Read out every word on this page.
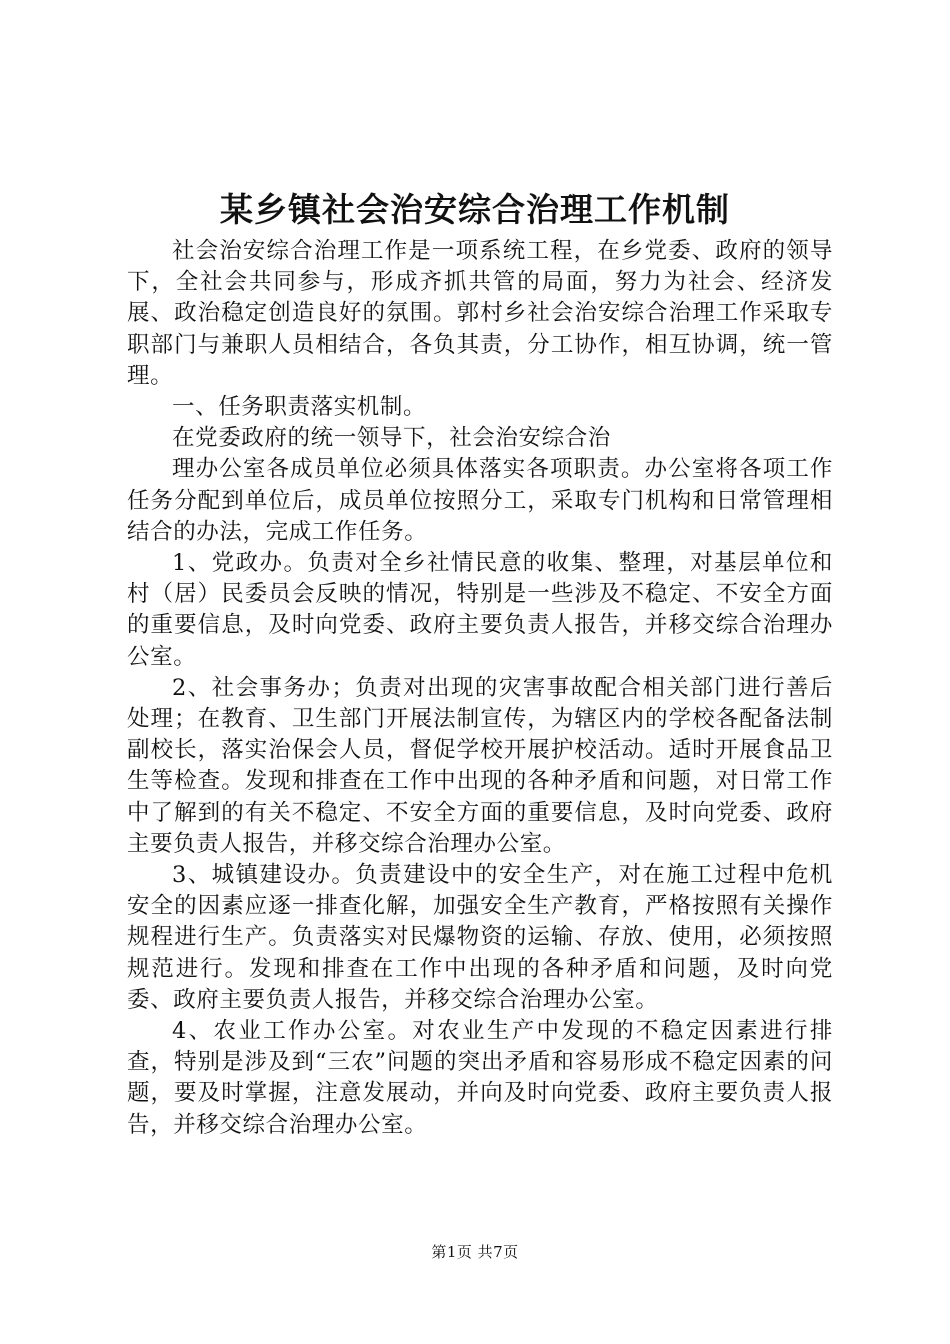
某乡镇社会治安综合治理工作机制

社会治安综合治理工作是一项系统工程，在乡党委、政府的领导下，全社会共同参与，形成齐抓共管的局面，努力为社会、经济发展、政治稳定创造良好的氛围。郭村乡社会治安综合治理工作采取专职部门与兼职人员相结合，各负其责，分工协作，相互协调，统一管理。

一、任务职责落实机制。

在党委政府的统一领导下，社会治安综合治

理办公室各成员单位必须具体落实各项职责。办公室将各项工作任务分配到单位后，成员单位按照分工，采取专门机构和日常管理相结合的办法，完成工作任务。

1、党政办。负责对全乡社情民意的收集、整理，对基层单位和村（居）民委员会反映的情况，特别是一些涉及不稳定、不安全方面的重要信息，及时向党委、政府主要负责人报告，并移交综合治理办公室。

2、社会事务办；负责对出现的灾害事故配合相关部门进行善后处理；在教育、卫生部门开展法制宣传，为辖区内的学校各配备法制副校长，落实治保会人员，督促学校开展护校活动。适时开展食品卫生等检查。发现和排查在工作中出现的各种矛盾和问题，对日常工作中了解到的有关不稳定、不安全方面的重要信息，及时向党委、政府主要负责人报告，并移交综合治理办公室。

3、城镇建设办。负责建设中的安全生产，对在施工过程中危机安全的因素应逐一排查化解，加强安全生产教育，严格按照有关操作规程进行生产。负责落实对民爆物资的运输、存放、使用，必须按照规范进行。发现和排查在工作中出现的各种矛盾和问题，及时向党委、政府主要负责人报告，并移交综合治理办公室。

4、农业工作办公室。对农业生产中发现的不稳定因素进行排查，特别是涉及到“三农”问题的突出矛盾和容易形成不稳定因素的问题，要及时掌握，注意发展动，并向及时向党委、政府主要负责人报告，并移交综合治理办公室。

第1页 共7页
